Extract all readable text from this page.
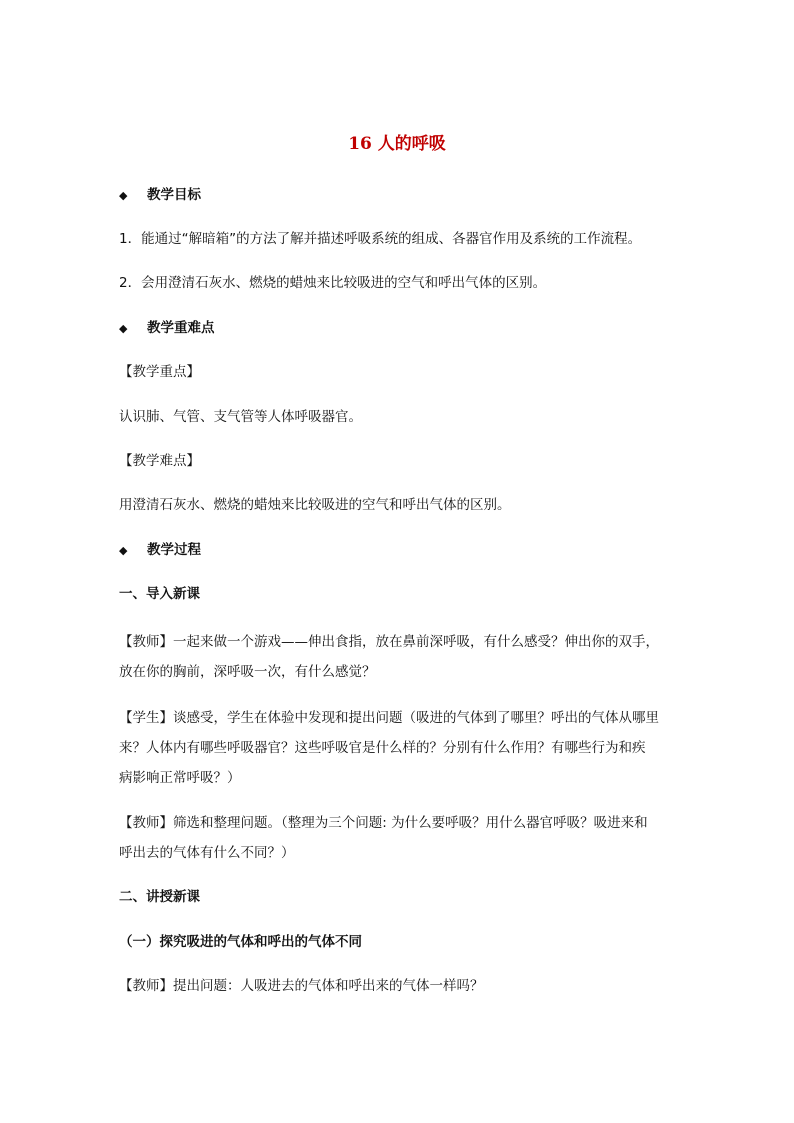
16 人的呼吸
◆ 教学目标
1．能通过“解暗箱”的方法了解并描述呼吸系统的组成、各器官作用及系统的工作流程。
2．会用澄清石灰水、燃烧的蜡烛来比较吸进的空气和呼出气体的区别。
◆ 教学重难点
【教学重点】
认识肺、气管、支气管等人体呼吸器官。
【教学难点】
用澄清石灰水、燃烧的蜡烛来比较吸进的空气和呼出气体的区别。
◆ 教学过程
一、导入新课
【教师】一起来做一个游戏——伸出食指，放在鼻前深呼吸，有什么感受？伸出你的双手，
放在你的胸前，深呼吸一次，有什么感觉？
【学生】谈感受，学生在体验中发现和提出问题（吸进的气体到了哪里？呼出的气体从哪里
来？人体内有哪些呼吸器官？这些呼吸官是什么样的？分别有什么作用？有哪些行为和疾
病影响正常呼吸？）
【教师】筛选和整理问题。（整理为三个问题: 为什么要呼吸？用什么器官呼吸？吸进来和
呼出去的气体有什么不同？）
二、讲授新课
（一）探究吸进的气体和呼出的气体不同
【教师】提出问题：人吸进去的气体和呼出来的气体一样吗？
